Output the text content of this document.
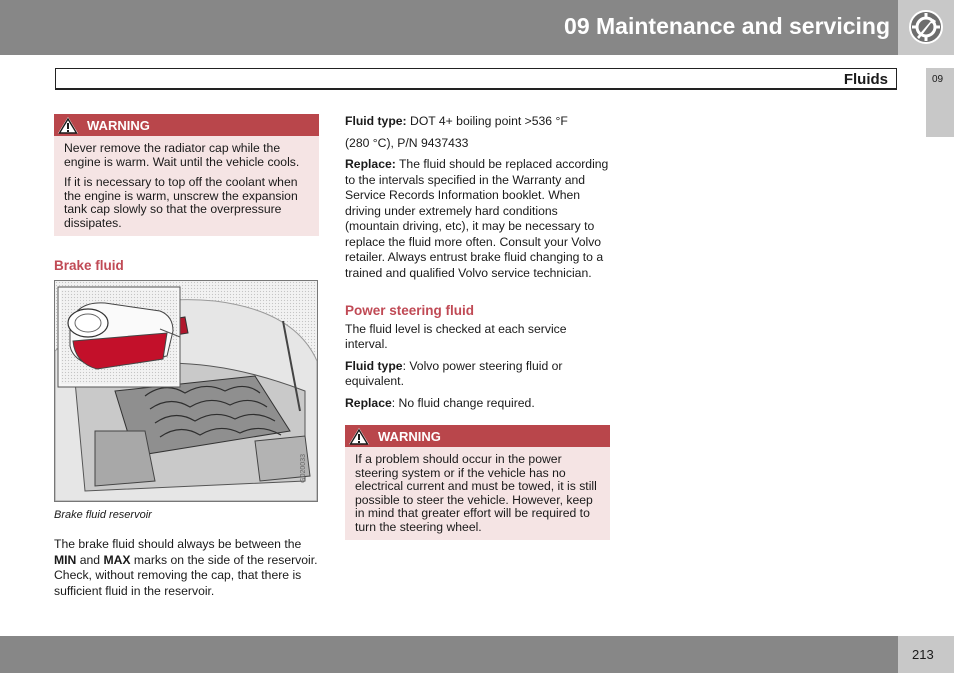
09 Maintenance and servicing
Fluids	09
WARNING

Never remove the radiator cap while the engine is warm. Wait until the vehicle cools.

If it is necessary to top off the coolant when the engine is warm, unscrew the expansion tank cap slowly so that the overpressure dissipates.

Brake fluid
G020033
Brake fluid reservoir

The brake fluid should always be between the MIN and MAX marks on the side of the reservoir. Check, without removing the cap, that there is sufficient fluid in the reservoir.

Fluid type: DOT 4+ boiling point >536 °F

(280 °C), P/N 9437433

Replace: The fluid should be replaced according to the intervals specified in the Warranty and Service Records Information booklet. When driving under extremely hard conditions (mountain driving, etc), it may be necessary to replace the fluid more often. Consult your Volvo retailer. Always entrust brake fluid changing to a trained and qualified Volvo service technician.

Power steering fluid

The fluid level is checked at each service interval.

Fluid type: Volvo power steering fluid or equivalent.

Replace: No fluid change required.

WARNING

If a problem should occur in the power steering system or if the vehicle has no electrical current and must be towed, it is still possible to steer the vehicle. However, keep in mind that greater effort will be required to turn the steering wheel.

213
